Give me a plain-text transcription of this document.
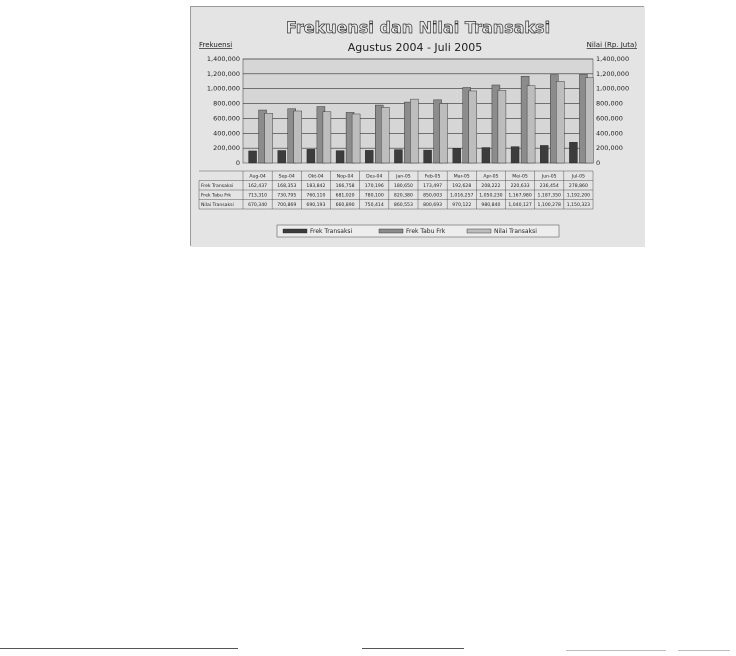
Frekuensi dan Nilai Transaksi
Agustus 2004 - Juli 2005
Frekuensi	Nilai (Rp. Juta)
0
200,000
400,000
600,000
800,000
1,000,000
1,200,000
1,400,000
0
200,000
400,000
600,000
800,000
1,000,000
1,200,000
1,400,000
Aug-04	Sep-04	Okt-04	Nop-04	Des-04	Jan-05	Feb-05	Mar-05	Apr-05	Mei-05	Jun-05	Jul-05
Frek Transaksi	162,437 168,353 183,842 166,758 170,196 180,650 173,497 192,628 208,222 220,633 236,454 278,860
Frek Tabu Frk	713,310 730,795 760,110 681,020 780,100 820,380 850,003 1,016,257 1,050,230 1,167,980 1,187,350 1,192,200
Nilai Transaksi	670,340 700,869 690,193 660,890 750,414 860,553 800,693 970,122 980,840 1,040,127 1,100,278 1,150,323
Frek Transaksi	Frek Tabu Frk	Nilai Transaksi
